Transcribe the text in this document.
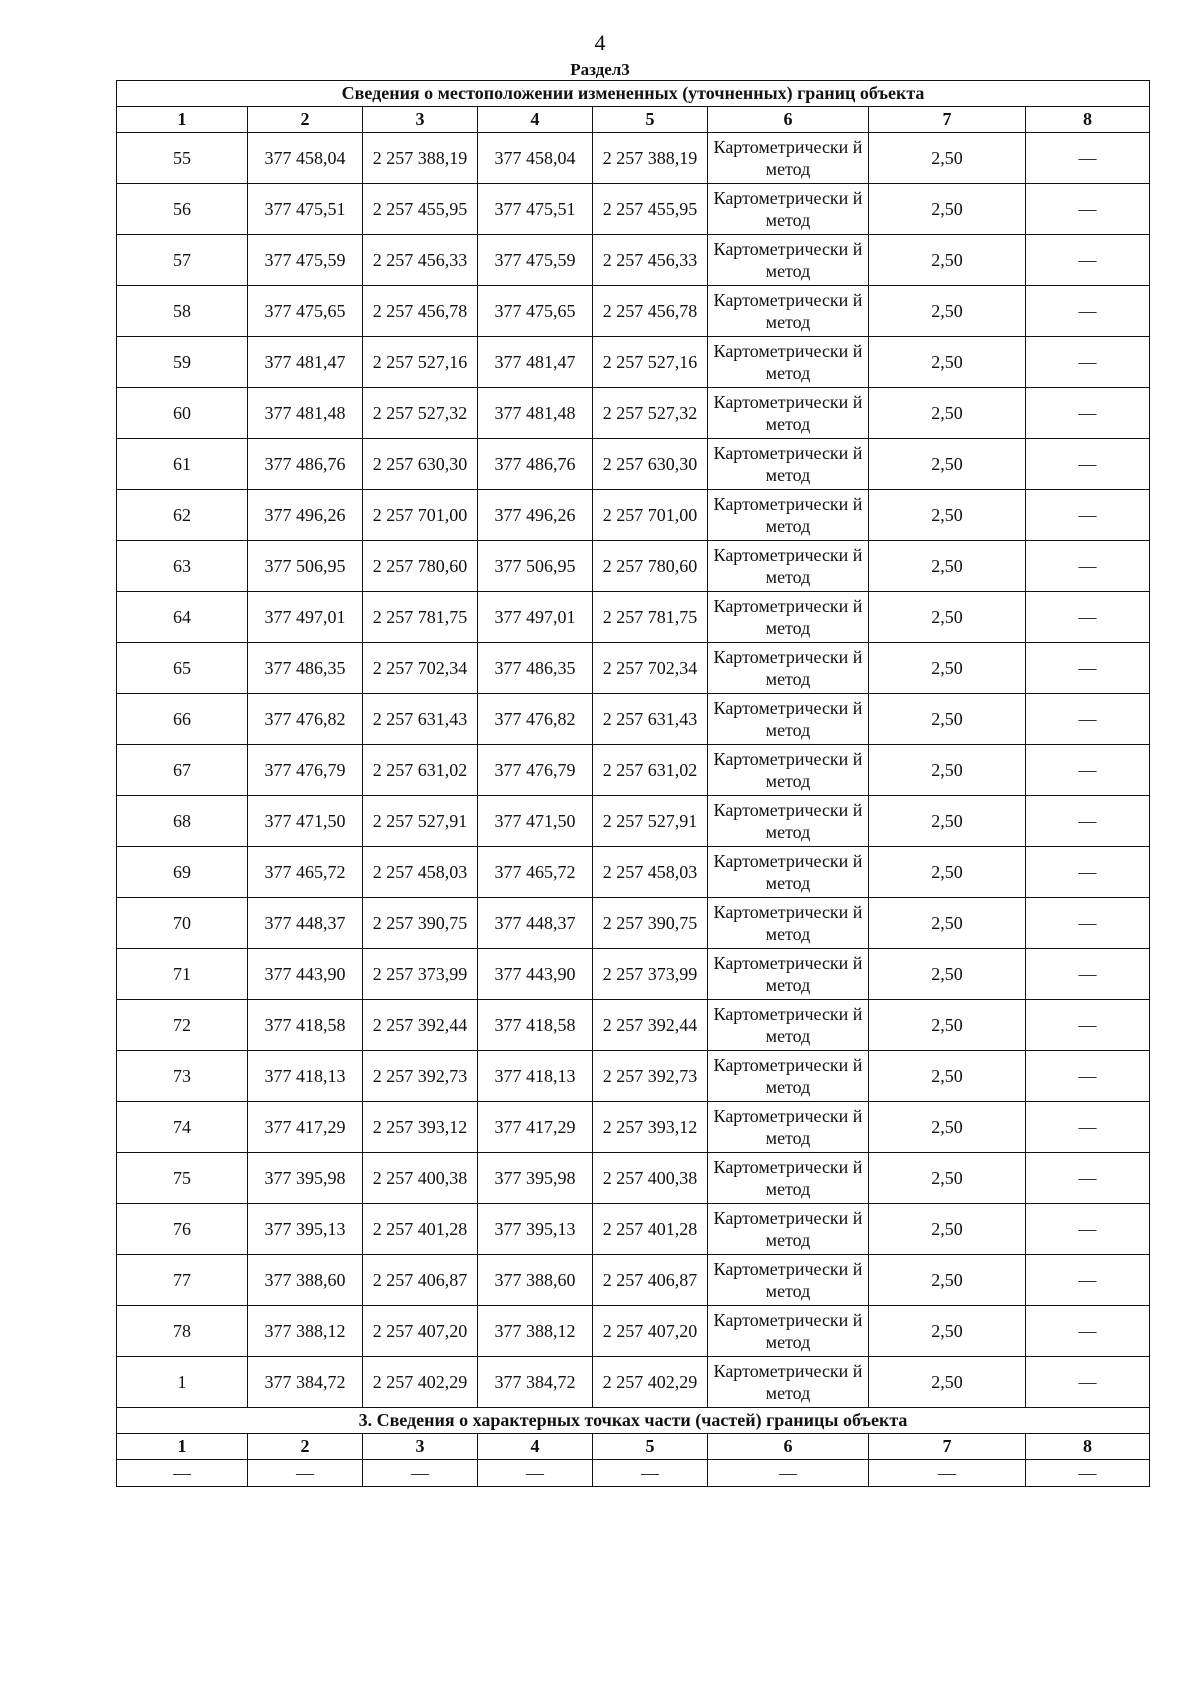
4
Раздел3
Сведения о местоположении измененных (уточненных) границ объекта							
1	2	3	4	5	6	7	8
55	377 458,04	2 257 388,19	377 458,04	2 257 388,19	Картометрически й метод	2,50	—
56	377 475,51	2 257 455,95	377 475,51	2 257 455,95	Картометрически й метод	2,50	—
57	377 475,59	2 257 456,33	377 475,59	2 257 456,33	Картометрически й метод	2,50	—
58	377 475,65	2 257 456,78	377 475,65	2 257 456,78	Картометрически й метод	2,50	—
59	377 481,47	2 257 527,16	377 481,47	2 257 527,16	Картометрически й метод	2,50	—
60	377 481,48	2 257 527,32	377 481,48	2 257 527,32	Картометрически й метод	2,50	—
61	377 486,76	2 257 630,30	377 486,76	2 257 630,30	Картометрически й метод	2,50	—
62	377 496,26	2 257 701,00	377 496,26	2 257 701,00	Картометрически й метод	2,50	—
63	377 506,95	2 257 780,60	377 506,95	2 257 780,60	Картометрически й метод	2,50	—
64	377 497,01	2 257 781,75	377 497,01	2 257 781,75	Картометрически й метод	2,50	—
65	377 486,35	2 257 702,34	377 486,35	2 257 702,34	Картометрически й метод	2,50	—
66	377 476,82	2 257 631,43	377 476,82	2 257 631,43	Картометрически й метод	2,50	—
67	377 476,79	2 257 631,02	377 476,79	2 257 631,02	Картометрически й метод	2,50	—
68	377 471,50	2 257 527,91	377 471,50	2 257 527,91	Картометрически й метод	2,50	—
69	377 465,72	2 257 458,03	377 465,72	2 257 458,03	Картометрически й метод	2,50	—
70	377 448,37	2 257 390,75	377 448,37	2 257 390,75	Картометрически й метод	2,50	—
71	377 443,90	2 257 373,99	377 443,90	2 257 373,99	Картометрически й метод	2,50	—
72	377 418,58	2 257 392,44	377 418,58	2 257 392,44	Картометрически й метод	2,50	—
73	377 418,13	2 257 392,73	377 418,13	2 257 392,73	Картометрически й метод	2,50	—
74	377 417,29	2 257 393,12	377 417,29	2 257 393,12	Картометрически й метод	2,50	—
75	377 395,98	2 257 400,38	377 395,98	2 257 400,38	Картометрически й метод	2,50	—
76	377 395,13	2 257 401,28	377 395,13	2 257 401,28	Картометрически й метод	2,50	—
77	377 388,60	2 257 406,87	377 388,60	2 257 406,87	Картометрически й метод	2,50	—
78	377 388,12	2 257 407,20	377 388,12	2 257 407,20	Картометрически й метод	2,50	—
1	377 384,72	2 257 402,29	377 384,72	2 257 402,29	Картометрически й метод	2,50	—
3. Сведения о характерных точках части (частей) границы объекта							
1	2	3	4	5	6	7	8
—	—	—	—	—	—	—	—
